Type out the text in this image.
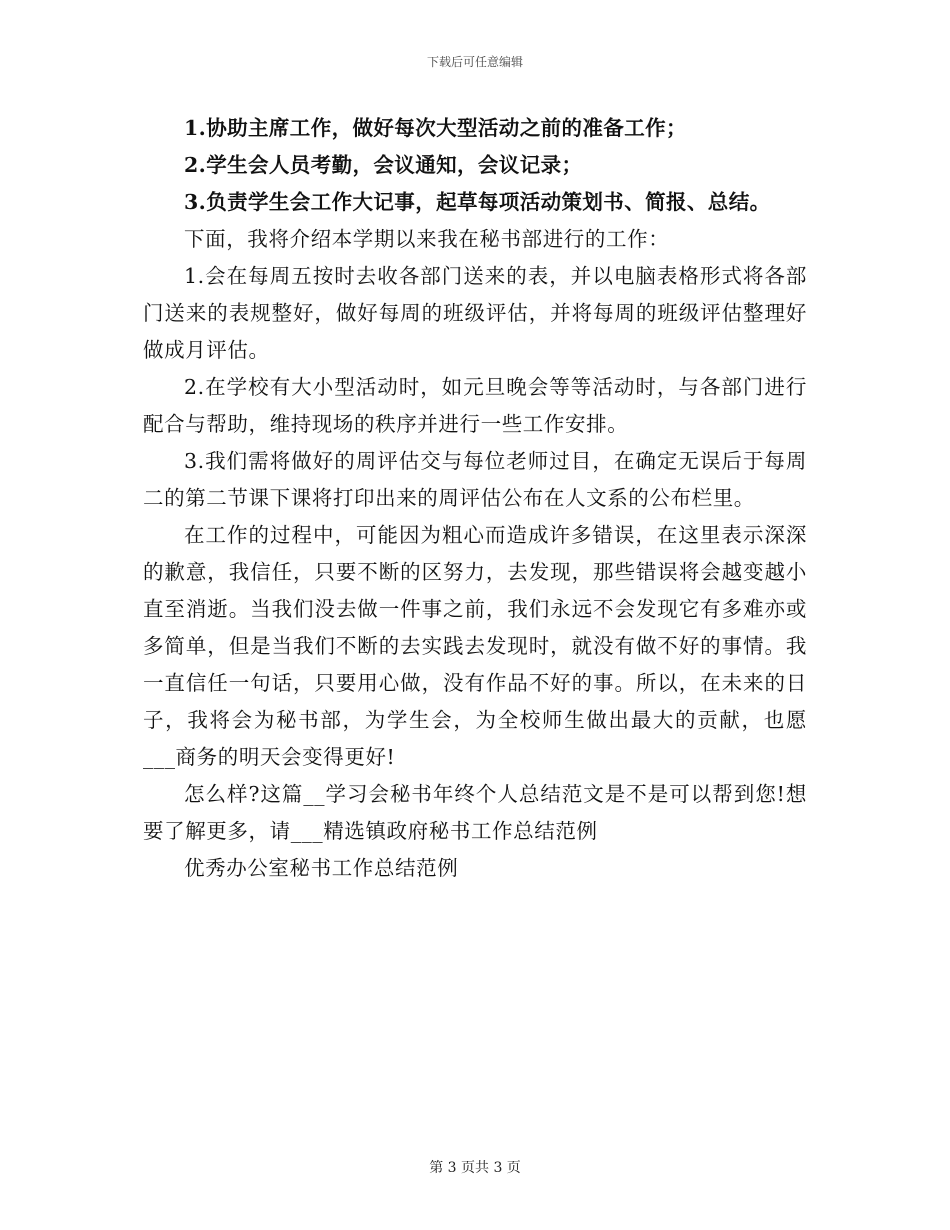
下载后可任意编辑

1.协助主席工作，做好每次大型活动之前的准备工作；

2.学生会人员考勤，会议通知，会议记录；

3.负责学生会工作大记事，起草每项活动策划书、简报、总结。

下面，我将介绍本学期以来我在秘书部进行的工作：

1.会在每周五按时去收各部门送来的表，并以电脑表格形式将各部门送来的表规整好，做好每周的班级评估，并将每周的班级评估整理好做成月评估。

2.在学校有大小型活动时，如元旦晚会等等活动时，与各部门进行配合与帮助，维持现场的秩序并进行一些工作安排。

3.我们需将做好的周评估交与每位老师过目，在确定无误后于每周二的第二节课下课将打印出来的周评估公布在人文系的公布栏里。

在工作的过程中，可能因为粗心而造成许多错误，在这里表示深深的歉意，我信任，只要不断的区努力，去发现，那些错误将会越变越小直至消逝。当我们没去做一件事之前，我们永远不会发现它有多难亦或多简单，但是当我们不断的去实践去发现时，就没有做不好的事情。我一直信任一句话，只要用心做，没有作品不好的事。所以，在未来的日子，我将会为秘书部，为学生会，为全校师生做出最大的贡献，也愿___商务的明天会变得更好!

怎么样?这篇__学习会秘书年终个人总结范文是不是可以帮到您!想要了解更多，请___精选镇政府秘书工作总结范例

优秀办公室秘书工作总结范例

第 3 页共 3 页
